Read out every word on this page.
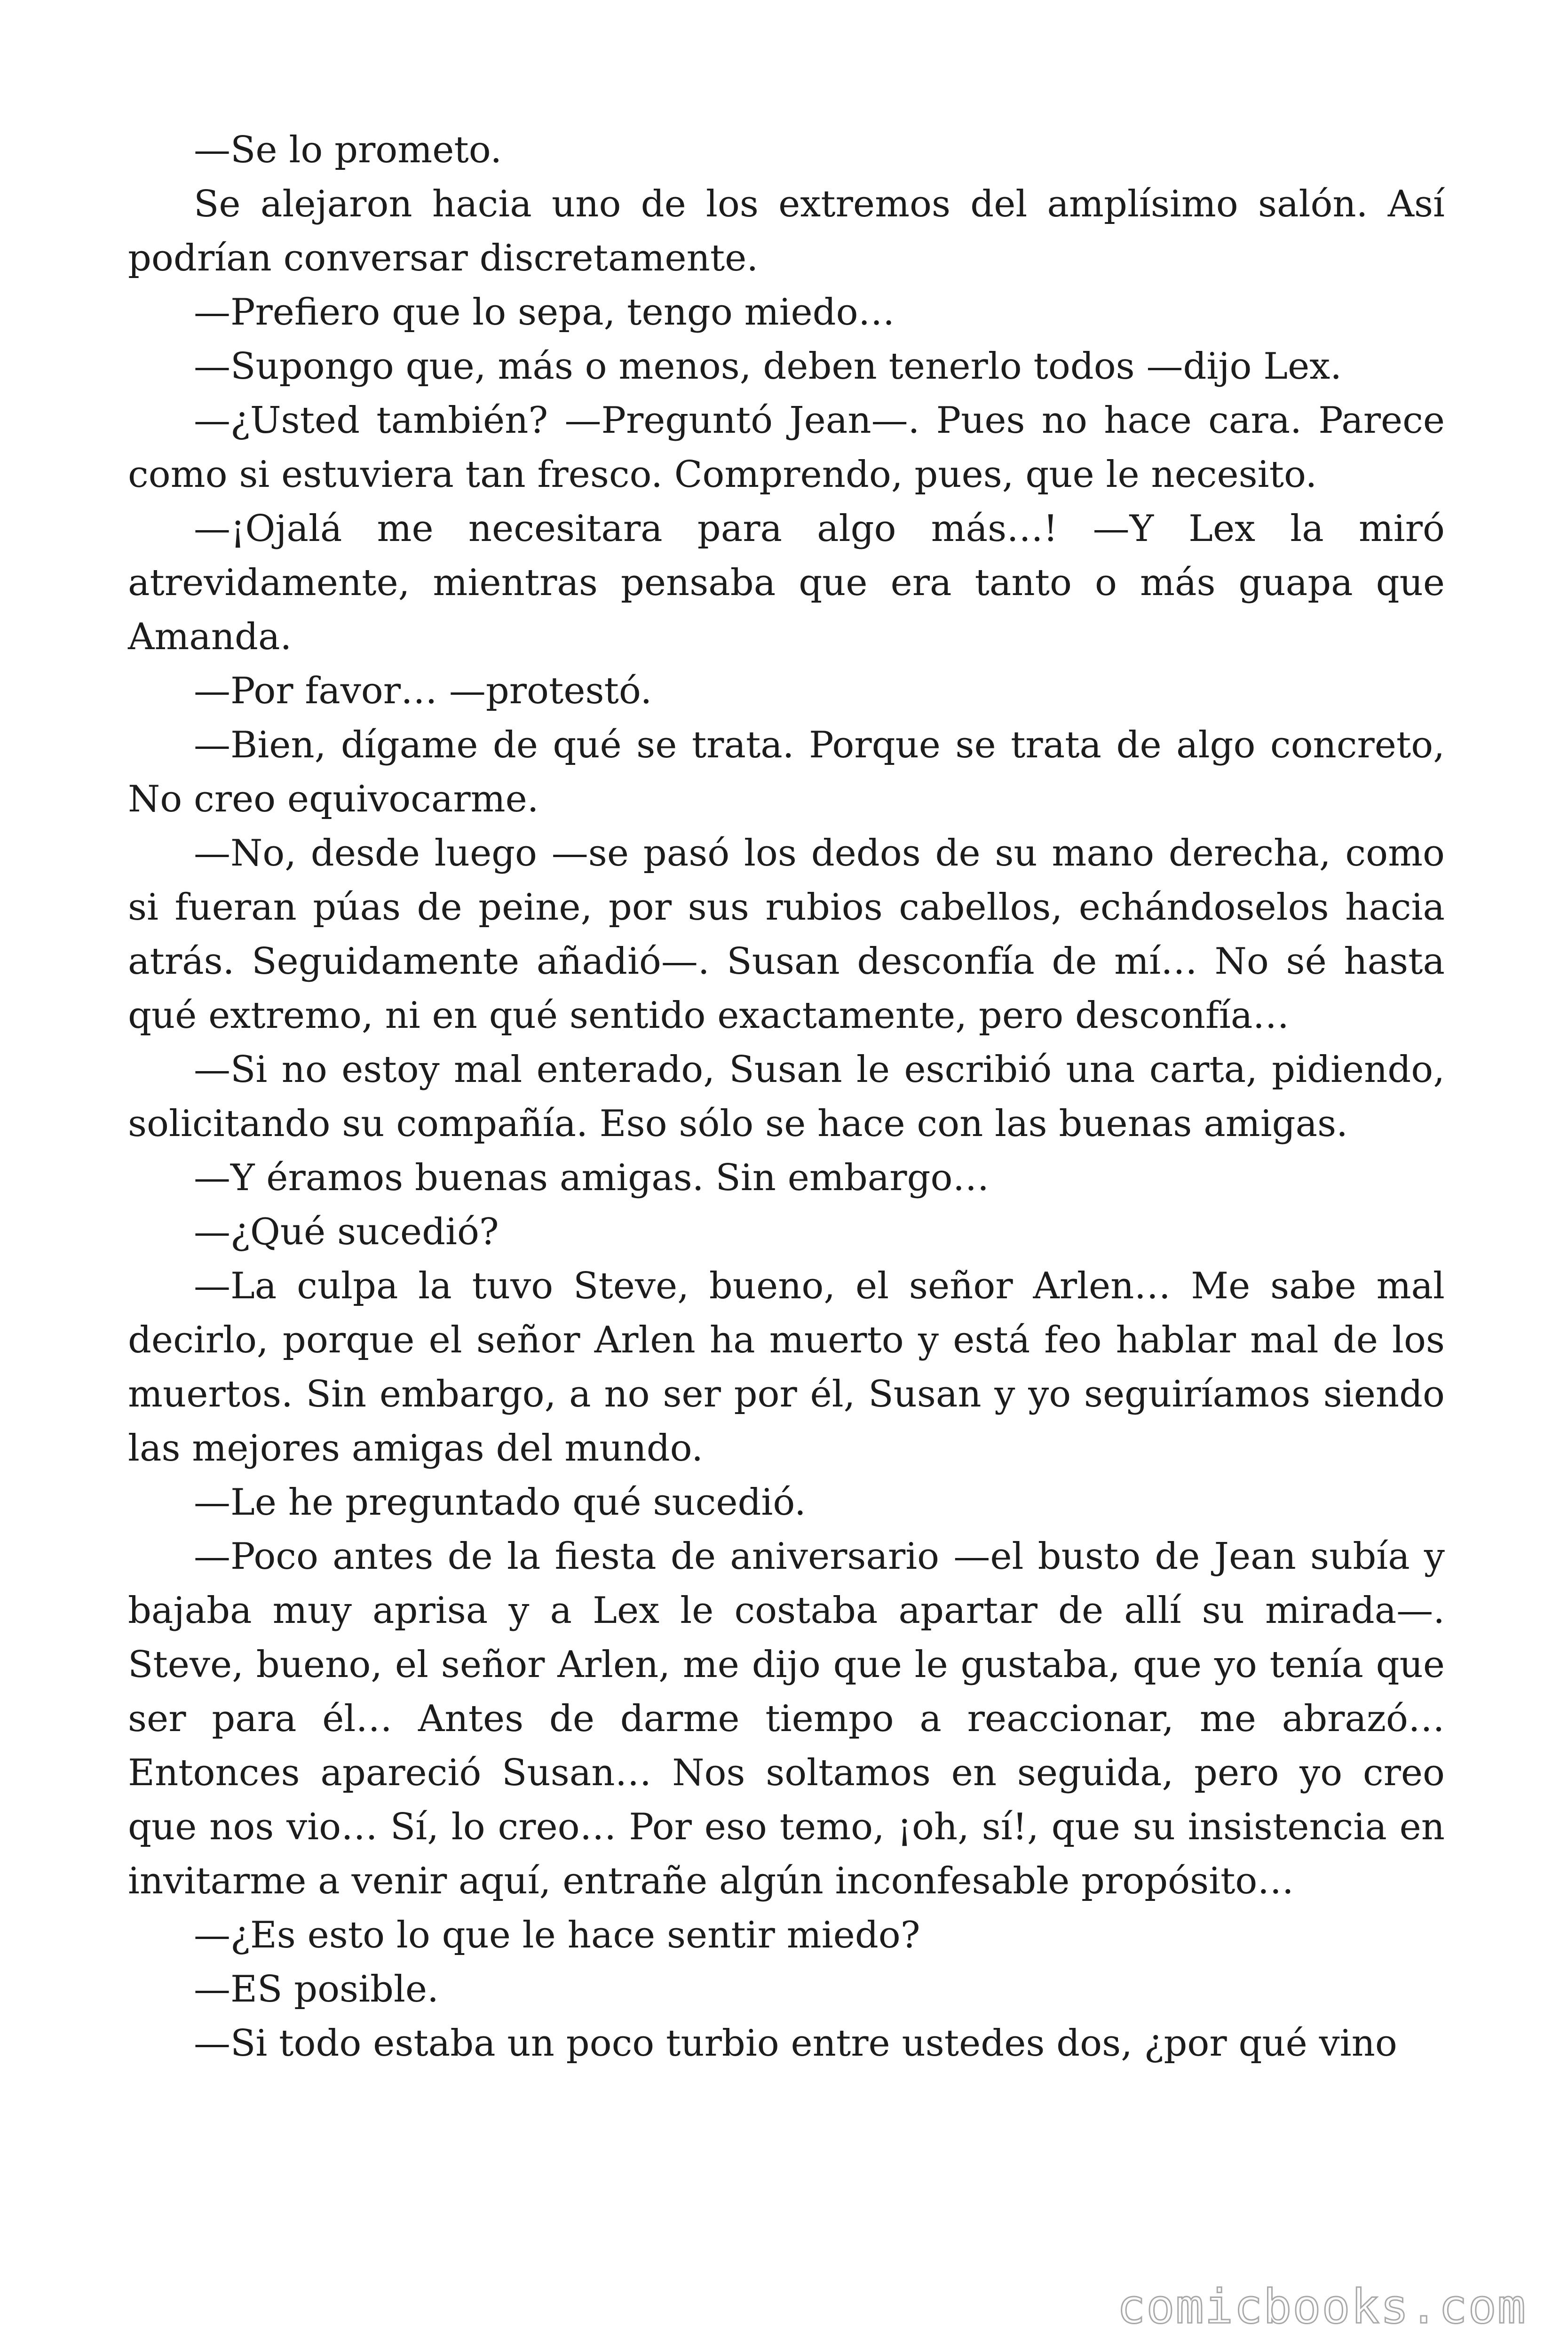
—Se lo prometo.

Se alejaron hacia uno de los extremos del amplísimo salón. Así podrían conversar discretamente.

—Prefiero que lo sepa, tengo miedo…

—Supongo que, más o menos, deben tenerlo todos —dijo Lex.

—¿Usted también? —Preguntó Jean—. Pues no hace cara. Parece como si estuviera tan fresco. Comprendo, pues, que le necesito.

—¡Ojalá me necesitara para algo más…! —Y Lex la miró atrevidamente, mientras pensaba que era tanto o más guapa que Amanda.

—Por favor… —protestó.

—Bien, dígame de qué se trata. Porque se trata de algo concreto, No creo equivocarme.

—No, desde luego —se pasó los dedos de su mano derecha, como si fueran púas de peine, por sus rubios cabellos, echándoselos hacia atrás. Seguidamente añadió—. Susan desconfía de mí… No sé hasta qué extremo, ni en qué sentido exactamente, pero desconfía…

—Si no estoy mal enterado, Susan le escribió una carta, pidiendo, solicitando su compañía. Eso sólo se hace con las buenas amigas.

—Y éramos buenas amigas. Sin embargo…

—¿Qué sucedió?

—La culpa la tuvo Steve, bueno, el señor Arlen… Me sabe mal decirlo, porque el señor Arlen ha muerto y está feo hablar mal de los muertos. Sin embargo, a no ser por él, Susan y yo seguiríamos siendo las mejores amigas del mundo.

—Le he preguntado qué sucedió.

—Poco antes de la fiesta de aniversario —el busto de Jean subía y bajaba muy aprisa y a Lex le costaba apartar de allí su mirada—. Steve, bueno, el señor Arlen, me dijo que le gustaba, que yo tenía que ser para él… Antes de darme tiempo a reaccionar, me abrazó… Entonces apareció Susan… Nos soltamos en seguida, pero yo creo que nos vio… Sí, lo creo… Por eso temo, ¡oh, sí!, que su insistencia en invitarme a venir aquí, entrañe algún inconfesable propósito…

—¿Es esto lo que le hace sentir miedo?

—ES posible.

—Si todo estaba un poco turbio entre ustedes dos, ¿por qué vino

comicbooks.com
